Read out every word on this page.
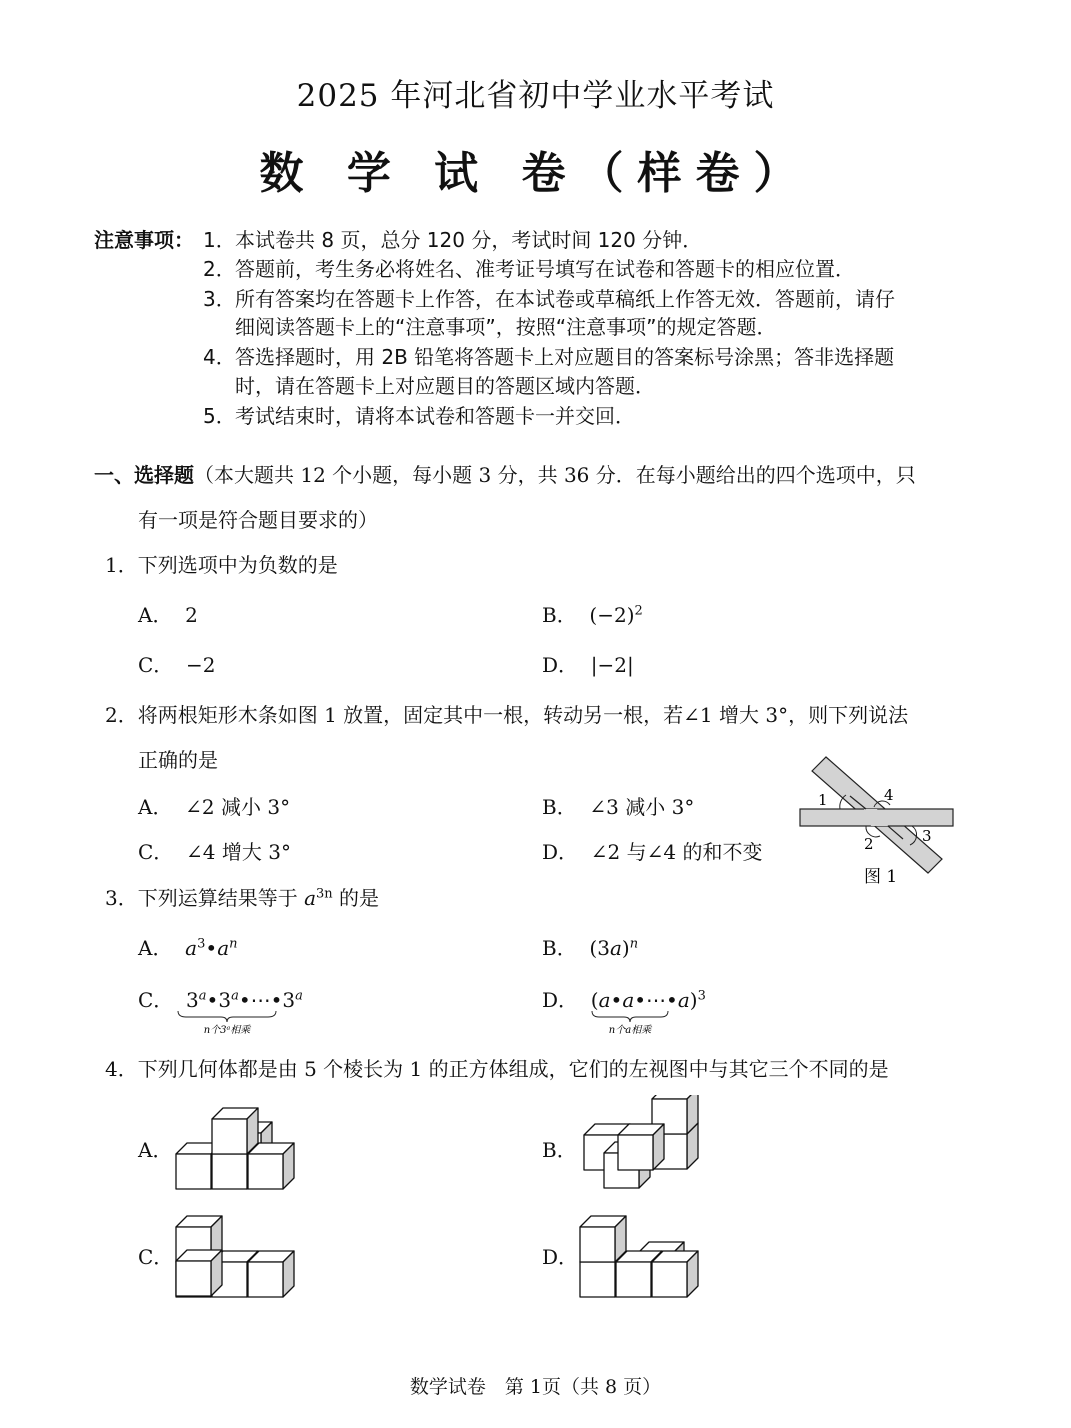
2025 年河北省初中学业水平考试
数 学 试 卷（样卷）
注意事项： 1．本试卷共 8 页，总分 120 分，考试时间 120 分钟．
2．答题前，考生务必将姓名、准考证号填写在试卷和答题卡的相应位置．
3．所有答案均在答题卡上作答，在本试卷或草稿纸上作答无效．答题前，请仔
细阅读答题卡上的“注意事项”，按照“注意事项”的规定答题．
4．答选择题时，用 2B 铅笔将答题卡上对应题目的答案标号涂黑；答非选择题
时，请在答题卡上对应题目的答题区域内答题．
5．考试结束时，请将本试卷和答题卡一并交回．
一、选择题（本大题共 12 个小题，每小题 3 分，共 36 分．在每小题给出的四个选项中，只
有一项是符合题目要求的）
1．下列选项中为负数的是
A． 2	B． $(-2)^2$
C． −2	D． |−2|
2．将两根矩形木条如图 1 放置，固定其中一根，转动另一根，若∠1 增大 3°，则下列说法
正确的是
A． ∠2 减小 3°	B． ∠3 减小 3°
C． ∠4 增大 3°	D． ∠2 与∠4 的和不变
1	4
2	3
图 1
3．下列运算结果等于 $a^{3n}$ 的是
A． $a^3•a^n$	B．  $(3a)^n$
C．  3$^a$•3$^a$•⋯•3$^a$
n个3ᵃ相乘
D．  (a•a•⋯•a)$^3$
n个a相乘
4．下列几何体都是由 5 个棱长为 1 的正方体组成，它们的左视图中与其它三个不同的是
A．	B．
C．	D．
数学试卷　第 1页（共 8 页）
